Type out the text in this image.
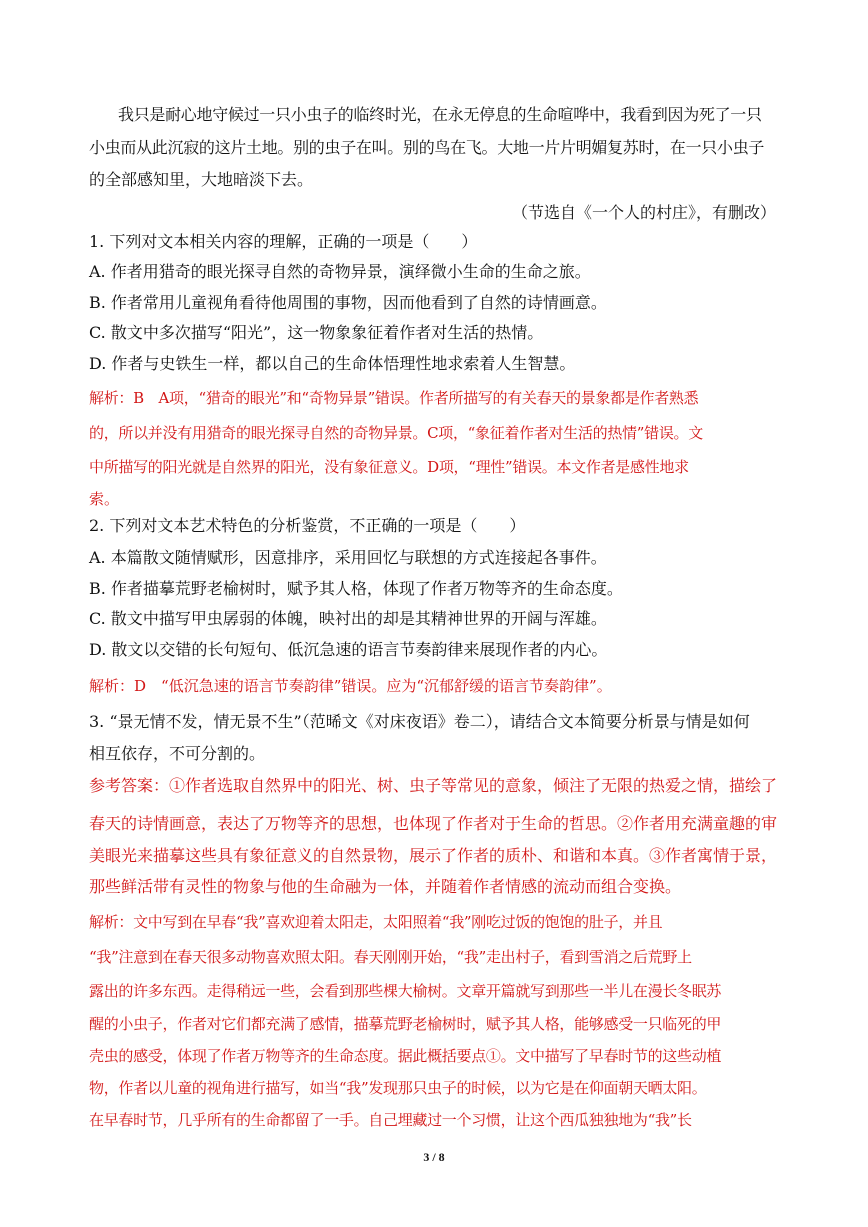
我只是耐心地守候过一只小虫子的临终时光，在永无停息的生命喧哗中，我看到因为死了一只
小虫而从此沉寂的这片土地。别的虫子在叫。别的鸟在飞。大地一片片明媚复苏时，在一只小虫子
的全部感知里，大地暗淡下去。
（节选自《一个人的村庄》，有删改）
1. 下列对文本相关内容的理解，正确的一项是（　　）
A. 作者用猎奇的眼光探寻自然的奇物异景，演绎微小生命的生命之旅。
B. 作者常用儿童视角看待他周围的事物，因而他看到了自然的诗情画意。
C. 散文中多次描写“阳光”，这一物象象征着作者对生活的热情。
D. 作者与史铁生一样，都以自己的生命体悟理性地求索着人生智慧。
解析：B　A项，“猎奇的眼光”和“奇物异景”错误。作者所描写的有关春天的景象都是作者熟悉
的，所以并没有用猎奇的眼光探寻自然的奇物异景。C项，“象征着作者对生活的热情”错误。文
中所描写的阳光就是自然界的阳光，没有象征意义。D项，“理性”错误。本文作者是感性地求
索。
2. 下列对文本艺术特色的分析鉴赏，不正确的一项是（　　）
A. 本篇散文随情赋形，因意排序，采用回忆与联想的方式连接起各事件。
B. 作者描摹荒野老榆树时，赋予其人格，体现了作者万物等齐的生命态度。
C. 散文中描写甲虫孱弱的体魄，映衬出的却是其精神世界的开阔与浑雄。
D. 散文以交错的长句短句、低沉急速的语言节奏韵律来展现作者的内心。
解析：D　“低沉急速的语言节奏韵律”错误。应为“沉郁舒缓的语言节奏韵律”。
3. “景无情不发，情无景不生”（范晞文《对床夜语》卷二），请结合文本简要分析景与情是如何
相互依存，不可分割的。
参考答案：①作者选取自然界中的阳光、树、虫子等常见的意象，倾注了无限的热爱之情，描绘了
春天的诗情画意，表达了万物等齐的思想，也体现了作者对于生命的哲思。②作者用充满童趣的审
美眼光来描摹这些具有象征意义的自然景物，展示了作者的质朴、和谐和本真。③作者寓情于景，
那些鲜活带有灵性的物象与他的生命融为一体，并随着作者情感的流动而组合变换。
解析：文中写到在早春“我”喜欢迎着太阳走，太阳照着“我”刚吃过饭的饱饱的肚子，并且
“我”注意到在春天很多动物喜欢照太阳。春天刚刚开始，“我”走出村子，看到雪消之后荒野上
露出的许多东西。走得稍远一些，会看到那些棵大榆树。文章开篇就写到那些一半儿在漫长冬眠苏
醒的小虫子，作者对它们都充满了感情，描摹荒野老榆树时，赋予其人格，能够感受一只临死的甲
壳虫的感受，体现了作者万物等齐的生命态度。据此概括要点①。文中描写了早春时节的这些动植
物，作者以儿童的视角进行描写，如当“我”发现那只虫子的时候，以为它是在仰面朝天晒太阳。
在早春时节，几乎所有的生命都留了一手。自己埋藏过一个习惯，让这个西瓜独独地为“我”长
3 / 8
